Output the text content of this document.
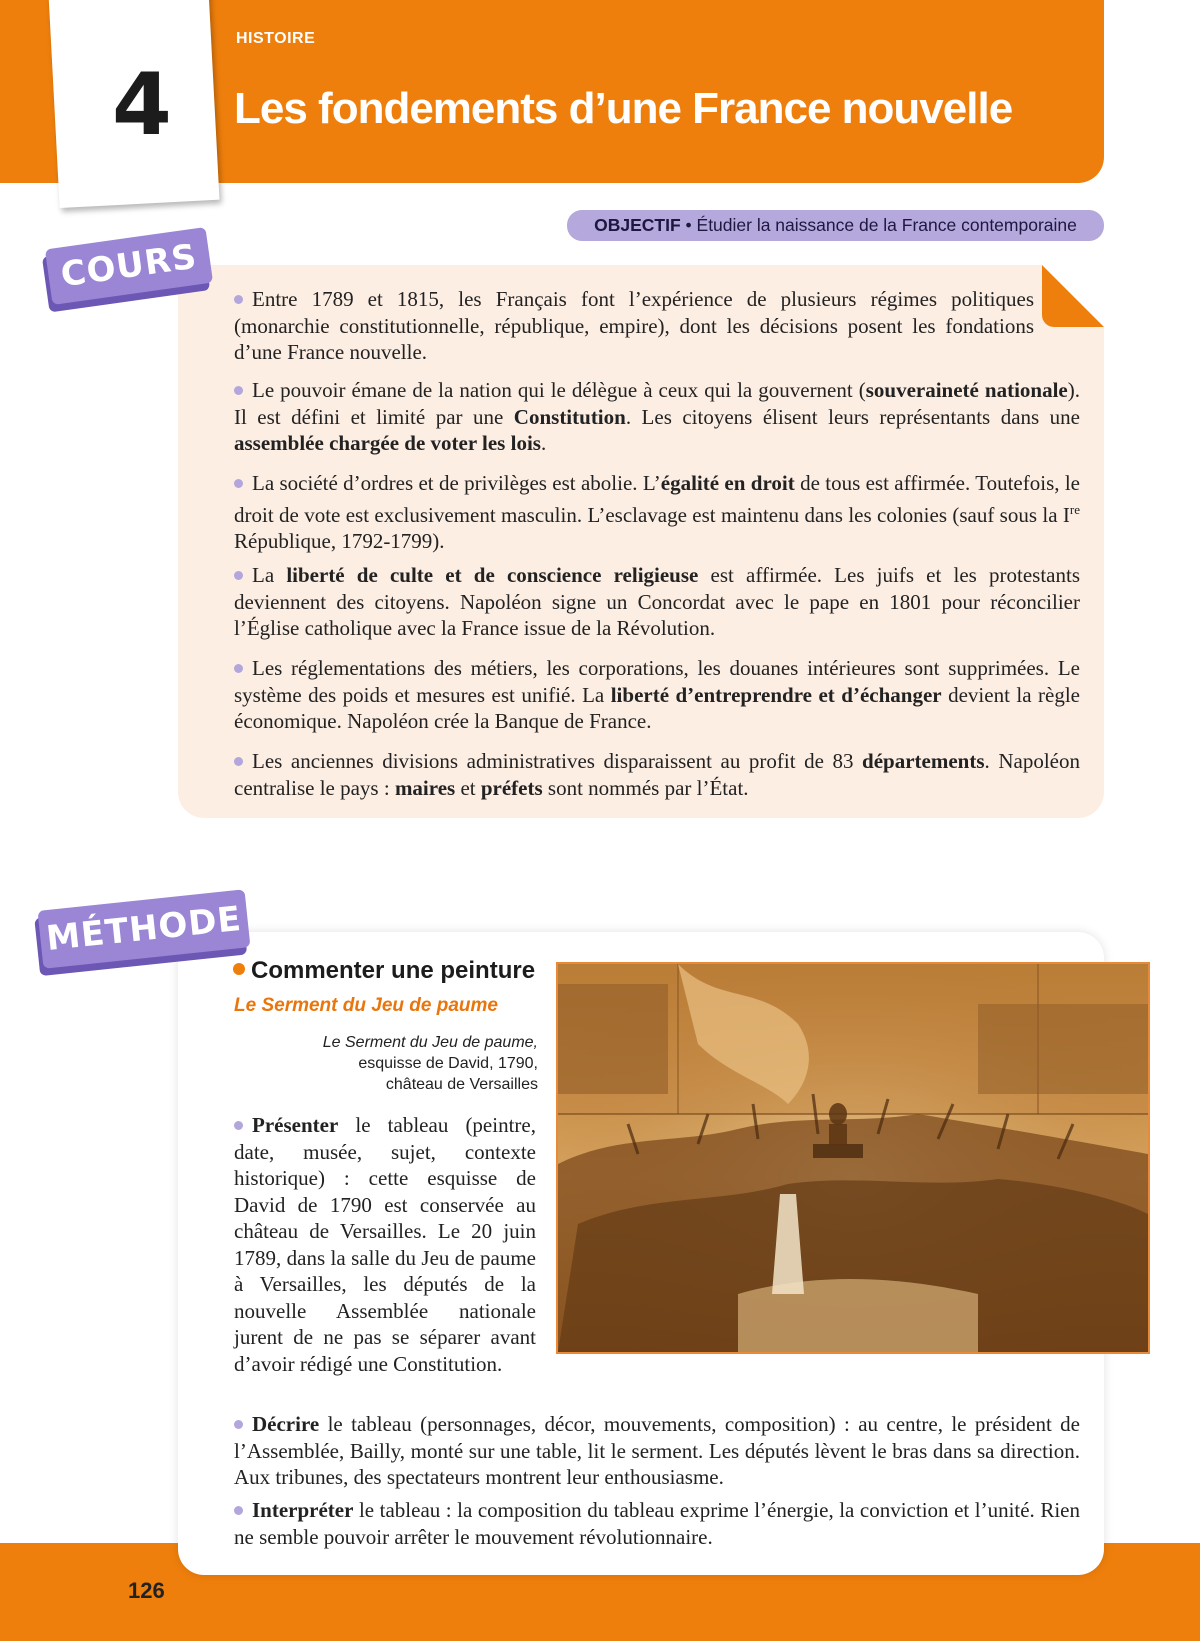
4
HISTOIRE
Les fondements d’une France nouvelle
OBJECTIF • Étudier la naissance de la France contemporaine
COURS

Entre 1789 et 1815, les Français font l’expérience de plusieurs régimes politiques (monarchie constitutionnelle, république, empire), dont les décisions posent les fondations d’une France nouvelle.

Le pouvoir émane de la nation qui le délègue à ceux qui la gouvernent (souveraineté nationale). Il est défini et limité par une Constitution. Les citoyens élisent leurs représentants dans une assemblée chargée de voter les lois.

La société d’ordres et de privilèges est abolie. L’égalité en droit de tous est affirmée. Toutefois, le droit de vote est exclusivement masculin. L’esclavage est maintenu dans les colonies (sauf sous la Ire République, 1792-1799).

La liberté de culte et de conscience religieuse est affirmée. Les juifs et les protestants deviennent des citoyens. Napoléon signe un Concordat avec le pape en 1801 pour réconcilier l’Église catholique avec la France issue de la Révolution.

Les réglementations des métiers, les corporations, les douanes intérieures sont supprimées. Le système des poids et mesures est unifié. La liberté d’entreprendre et d’échanger devient la règle économique. Napoléon crée la Banque de France.

Les anciennes divisions administratives disparaissent au profit de 83 départements. Napoléon centralise le pays : maires et préfets sont nommés par l’État.

MÉTHODE
Commenter une peinture
Le Serment du Jeu de paume
Le Serment du Jeu de paume,
esquisse de David, 1790,
château de Versailles

Présenter le tableau (peintre, date, musée, sujet, contexte historique) : cette esquisse de David de 1790 est conservée au château de Versailles. Le 20 juin 1789, dans la salle du Jeu de paume à Versailles, les députés de la nouvelle Assemblée nationale jurent de ne pas se séparer avant d’avoir rédigé une Constitution.

Décrire le tableau (personnages, décor, mouvements, composition) : au centre, le président de l’Assemblée, Bailly, monté sur une table, lit le serment. Les députés lèvent le bras dans sa direction. Aux tribunes, des spectateurs montrent leur enthousiasme.

Interpréter le tableau : la composition du tableau exprime l’énergie, la conviction et l’unité. Rien ne semble pouvoir arrêter le mouvement révolutionnaire.

126
